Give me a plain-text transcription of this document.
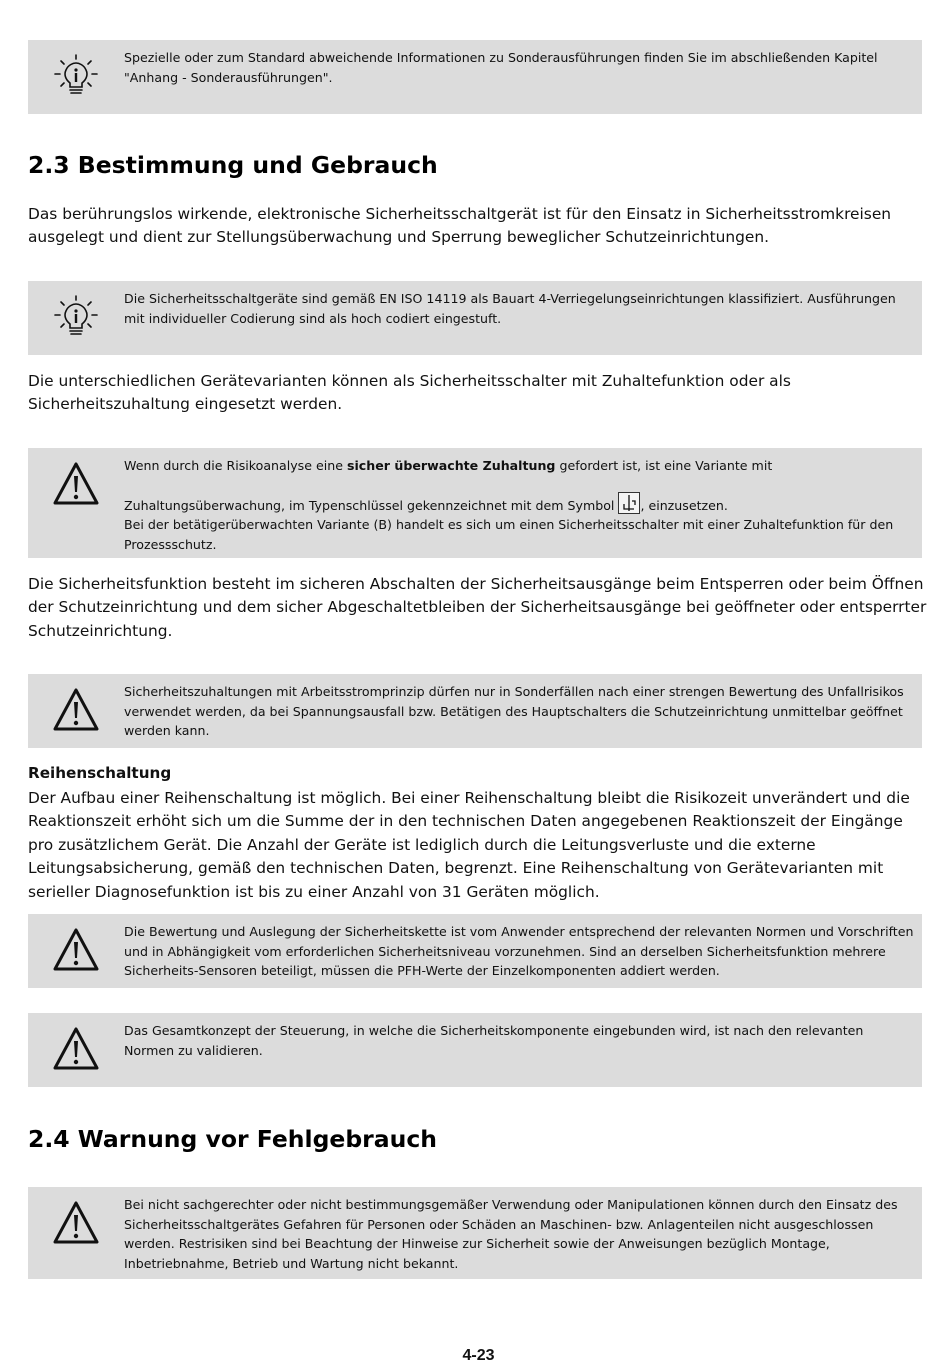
Spezielle oder zum Standard abweichende Informationen zu Sonderausführungen finden Sie im abschließenden Kapitel "Anhang - Sonderausführungen".
2.3 Bestimmung und Gebrauch
Das berührungslos wirkende, elektronische Sicherheitsschaltgerät ist für den Einsatz in Sicherheitsstromkreisen ausgelegt und dient zur Stellungsüberwachung und Sperrung beweglicher Schutzeinrichtungen.
Die Sicherheitsschaltgeräte sind gemäß EN ISO 14119 als Bauart 4-Verriegelungseinrichtungen klassifiziert. Ausführungen mit individueller Codierung sind als hoch codiert eingestuft.
Die unterschiedlichen Gerätevarianten können als Sicherheitsschalter mit Zuhaltefunktion oder als Sicherheitszuhaltung eingesetzt werden.
Wenn durch die Risikoanalyse eine sicher überwachte Zuhaltung gefordert ist, ist eine Variante mit
Zuhaltungsüberwachung, im Typenschlüssel gekennzeichnet mit dem Symbol , einzusetzen.
Bei der betätigerüberwachten Variante (B) handelt es sich um einen Sicherheitsschalter mit einer Zuhaltefunktion für den Prozessschutz.
Die Sicherheitsfunktion besteht im sicheren Abschalten der Sicherheitsausgänge beim Entsperren oder beim Öffnen der Schutzeinrichtung und dem sicher Abgeschaltetbleiben der Sicherheitsausgänge bei geöffneter oder entsperrter Schutzeinrichtung.
Sicherheitszuhaltungen mit Arbeitsstromprinzip dürfen nur in Sonderfällen nach einer strengen Bewertung des Unfallrisikos verwendet werden, da bei Spannungsausfall bzw. Betätigen des Hauptschalters die Schutzeinrichtung unmittelbar geöffnet werden kann.
Reihenschaltung
Der Aufbau einer Reihenschaltung ist möglich. Bei einer Reihenschaltung bleibt die Risikozeit unverändert und die Reaktionszeit erhöht sich um die Summe der in den technischen Daten angegebenen Reaktionszeit der Eingänge pro zusätzlichem Gerät. Die Anzahl der Geräte ist lediglich durch die Leitungsverluste und die externe Leitungsabsicherung, gemäß den technischen Daten, begrenzt. Eine Reihenschaltung von Gerätevarianten mit serieller Diagnosefunktion ist bis zu einer Anzahl von 31 Geräten möglich.
Die Bewertung und Auslegung der Sicherheitskette ist vom Anwender entsprechend der relevanten Normen und Vorschriften und in Abhängigkeit vom erforderlichen Sicherheitsniveau vorzunehmen. Sind an derselben Sicherheitsfunktion mehrere Sicherheits-Sensoren beteiligt, müssen die PFH-Werte der Einzelkomponenten addiert werden.
Das Gesamtkonzept der Steuerung, in welche die Sicherheitskomponente eingebunden wird, ist nach den relevanten Normen zu validieren.
2.4 Warnung vor Fehlgebrauch
Bei nicht sachgerechter oder nicht bestimmungsgemäßer Verwendung oder Manipulationen können durch den Einsatz des Sicherheitsschaltgerätes Gefahren für Personen oder Schäden an Maschinen- bzw. Anlagenteilen nicht ausgeschlossen werden. Restrisiken sind bei Beachtung der Hinweise zur Sicherheit sowie der Anweisungen bezüglich Montage, Inbetriebnahme, Betrieb und Wartung nicht bekannt.
4-23
